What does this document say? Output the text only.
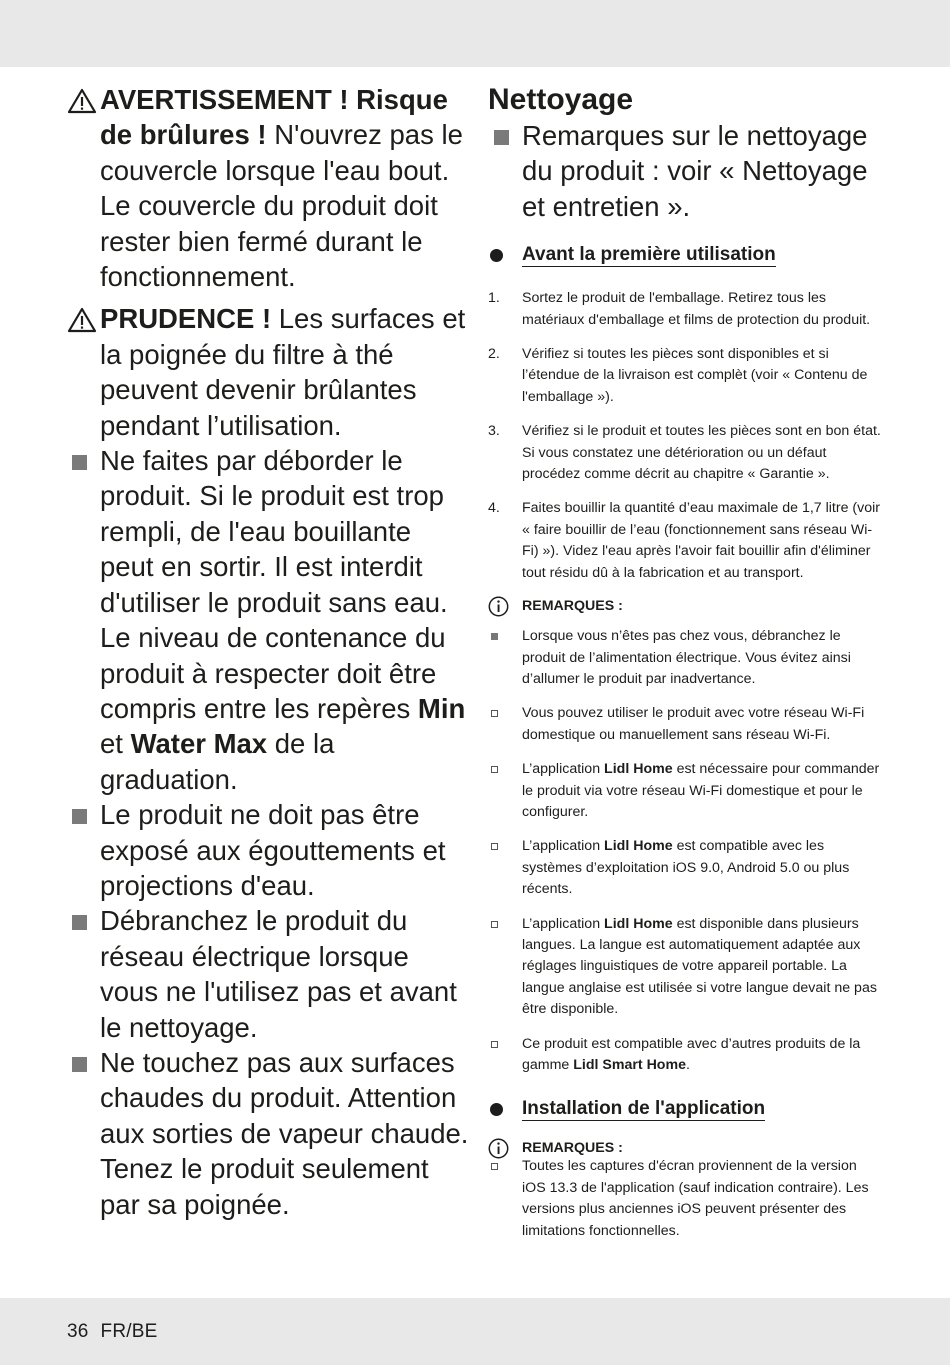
AVERTISSEMENT ! Risque de brûlures ! N'ouvrez pas le couvercle lorsque l'eau bout. Le couvercle du produit doit rester bien fermé durant le fonctionnement.

PRUDENCE ! Les surfaces et la poignée du filtre à thé peuvent devenir brûlantes pendant l’utilisation.

Ne faites par déborder le produit. Si le produit est trop rempli, de l'eau bouillante peut en sortir. Il est interdit d'utiliser le produit sans eau. Le niveau de contenance du produit à respecter doit être compris entre les repères Min et Water Max de la graduation.

Le produit ne doit pas être exposé aux égouttements et projections d'eau.

Débranchez le produit du réseau électrique lorsque vous ne l'utilisez pas et avant le nettoyage.

Ne touchez pas aux surfaces chaudes du produit. Attention aux sorties de vapeur chaude. Tenez le produit seulement par sa poignée.

Nettoyage

Remarques sur le nettoyage du produit : voir « Nettoyage et entretien ».

Avant la première utilisation

1. Sortez le produit de l'emballage. Retirez tous les matériaux d'emballage et films de protection du produit.

2. Vérifiez si toutes les pièces sont disponibles et si l’étendue de la livraison est complèt (voir « Contenu de l'emballage »).

3. Vérifiez si le produit et toutes les pièces sont en bon état. Si vous constatez une détérioration ou un défaut procédez comme décrit au chapitre « Garantie ».

4. Faites bouillir la quantité d’eau maximale de 1,7 litre (voir « faire bouillir de l’eau (fonctionnement sans réseau Wi-Fi) »). Videz l'eau après l'avoir fait bouillir afin d'éliminer tout résidu dû à la fabrication et au transport.

REMARQUES :

Lorsque vous n’êtes pas chez vous, débranchez le produit de l’alimentation électrique. Vous évitez ainsi d’allumer le produit par inadvertance.

Vous pouvez utiliser le produit avec votre réseau Wi-Fi domestique ou manuellement sans réseau Wi-Fi.

L’application Lidl Home est nécessaire pour commander le produit via votre réseau Wi-Fi domestique et pour le configurer.

L’application Lidl Home est compatible avec les systèmes d’exploitation iOS 9.0, Android 5.0 ou plus récents.

L’application Lidl Home est disponible dans plusieurs langues. La langue est automatiquement adaptée aux réglages linguistiques de votre appareil portable. La langue anglaise est utilisée si votre langue devait ne pas être disponible.

Ce produit est compatible avec d’autres produits de la gamme Lidl Smart Home.

Installation de l'application

REMARQUES :

Toutes les captures d'écran proviennent de la version iOS 13.3 de l'application (sauf indication contraire). Les versions plus anciennes iOS peuvent présenter des limitations fonctionnelles.

36 FR/BE
